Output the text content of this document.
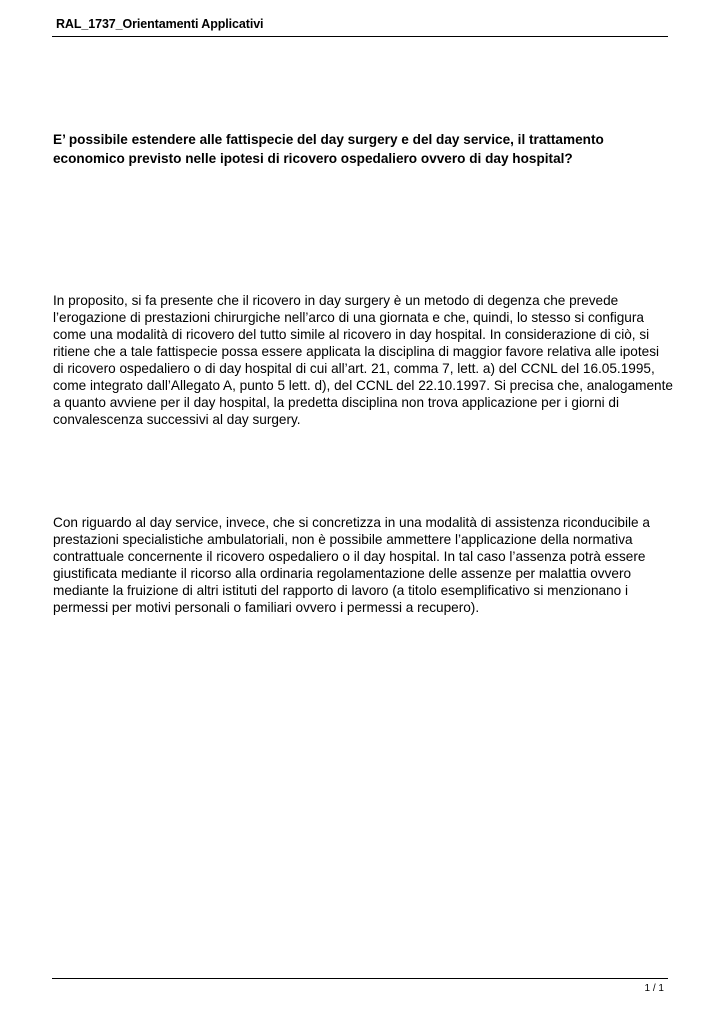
RAL_1737_Orientamenti Applicativi

E’ possibile estendere alle fattispecie del day surgery e del day service, il trattamento economico previsto nelle ipotesi di ricovero ospedaliero ovvero di day hospital?

In proposito, si fa presente che il ricovero in day surgery è un metodo di degenza che prevede l’erogazione di prestazioni chirurgiche nell’arco di una giornata e che, quindi, lo stesso si configura come una modalità di ricovero del tutto simile al ricovero in day hospital. In considerazione di ciò, si ritiene che a tale fattispecie possa essere applicata la disciplina di maggior favore relativa alle ipotesi di ricovero ospedaliero o di day hospital di cui all’art. 21, comma 7, lett. a) del CCNL del 16.05.1995, come integrato dall’Allegato A, punto 5 lett. d), del CCNL del 22.10.1997. Si precisa che, analogamente a quanto avviene per il day hospital, la predetta disciplina non trova applicazione per i giorni di convalescenza successivi al day surgery.

Con riguardo al day service, invece, che si concretizza in una modalità di assistenza riconducibile a prestazioni specialistiche ambulatoriali, non è possibile ammettere l’applicazione della normativa contrattuale concernente il ricovero ospedaliero o il day hospital. In tal caso l’assenza potrà essere giustificata mediante il ricorso alla ordinaria regolamentazione delle assenze per malattia ovvero mediante la fruizione di altri istituti del rapporto di lavoro (a titolo esemplificativo si menzionano i permessi per motivi personali o familiari ovvero i permessi a recupero).

1 / 1
